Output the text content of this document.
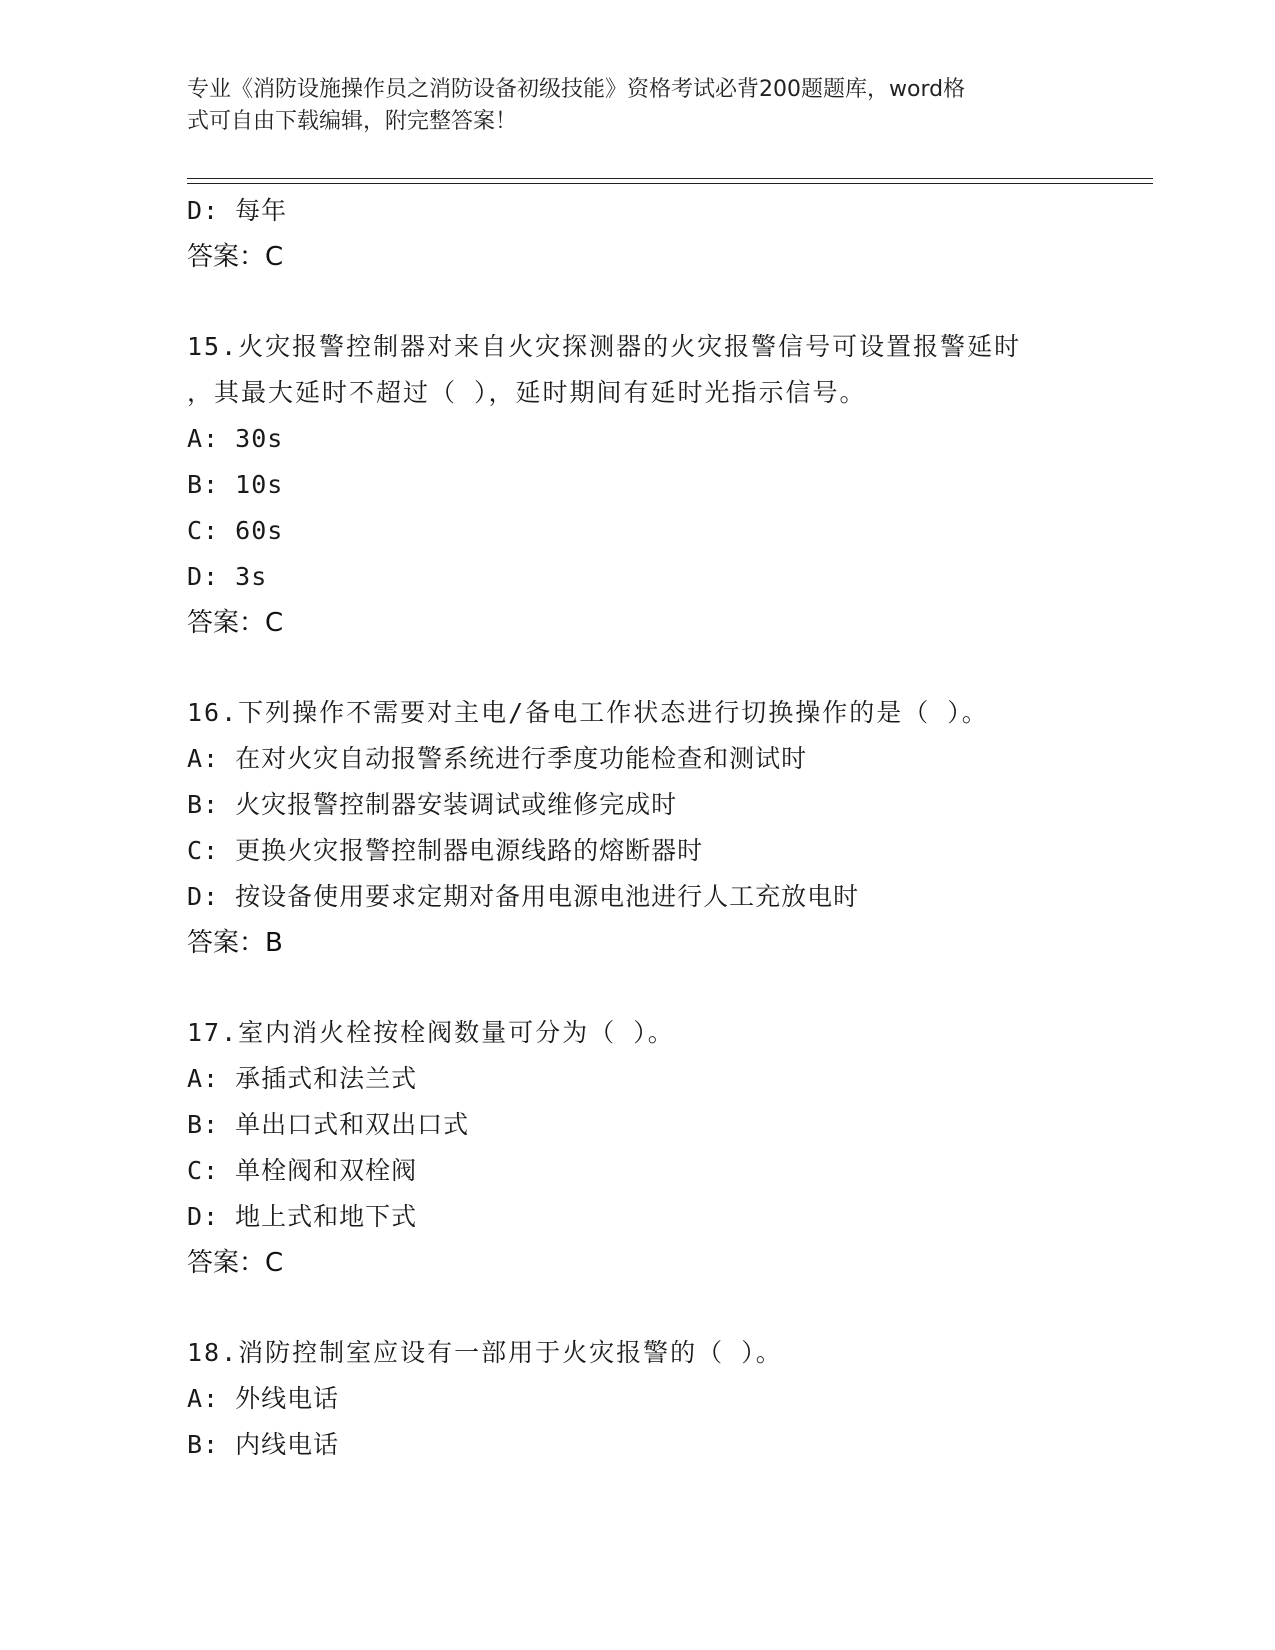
专业《消防设施操作员之消防设备初级技能》资格考试必背200题题库，word格
式可自由下载编辑，附完整答案！
D: 每年
答案：C
15.火灾报警控制器对来自火灾探测器的火灾报警信号可设置报警延时
，其最大延时不超过（ ），延时期间有延时光指示信号。
A: 30s
B: 10s
C: 60s
D: 3s
答案：C
16.下列操作不需要对主电/备电工作状态进行切换操作的是（ ）。
A: 在对火灾自动报警系统进行季度功能检查和测试时
B: 火灾报警控制器安装调试或维修完成时
C: 更换火灾报警控制器电源线路的熔断器时
D: 按设备使用要求定期对备用电源电池进行人工充放电时
答案：B
17.室内消火栓按栓阀数量可分为（ ）。
A: 承插式和法兰式
B: 单出口式和双出口式
C: 单栓阀和双栓阀
D: 地上式和地下式
答案：C
18.消防控制室应设有一部用于火灾报警的（ ）。
A: 外线电话
B: 内线电话
